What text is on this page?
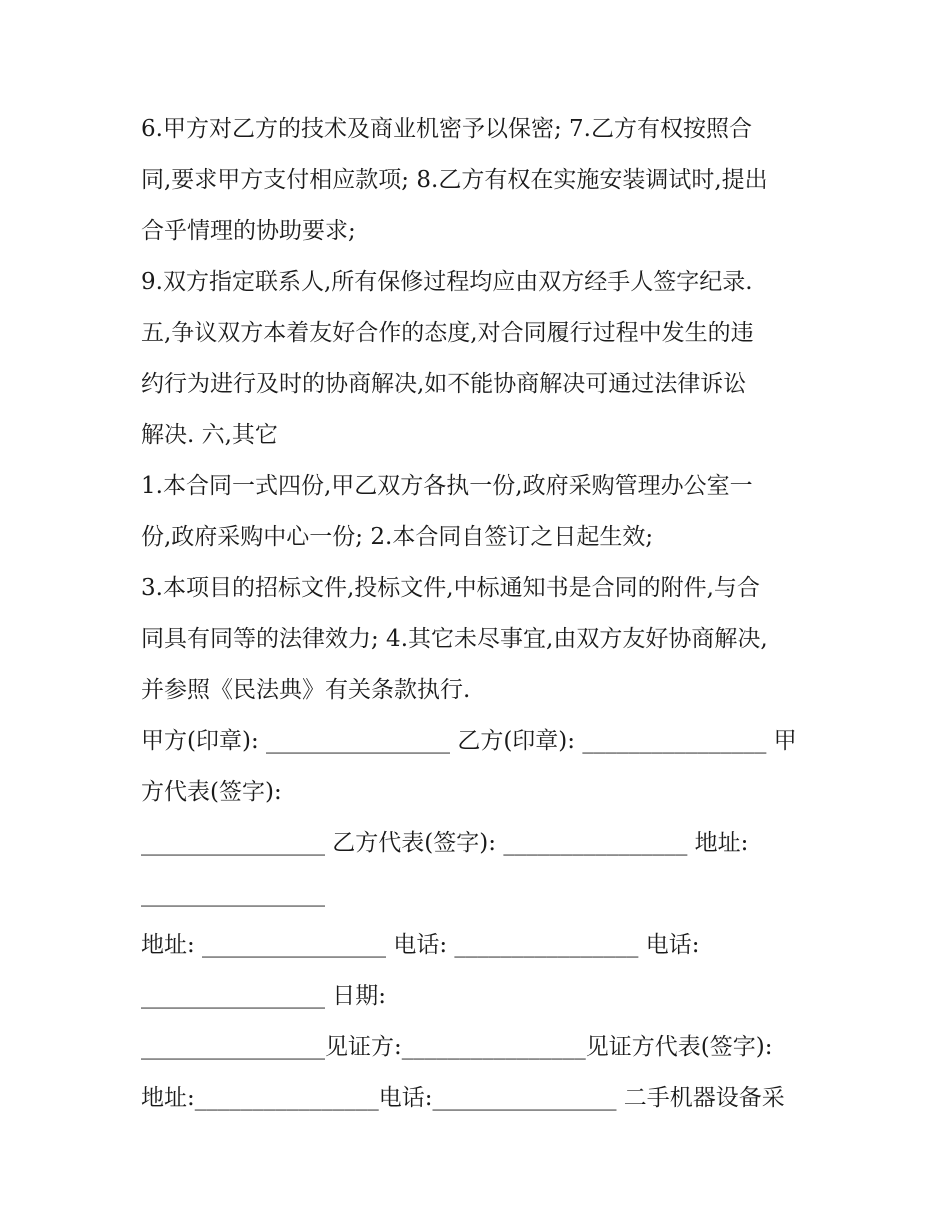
6.甲方对乙方的技术及商业机密予以保密; 7.乙方有权按照合
同,要求甲方支付相应款项; 8.乙方有权在实施安装调试时,提出
合乎情理的协助要求;
9.双方指定联系人,所有保修过程均应由双方经手人签字纪录.
五,争议双方本着友好合作的态度,对合同履行过程中发生的违
约行为进行及时的协商解决,如不能协商解决可通过法律诉讼
解决. 六,其它
1.本合同一式四份,甲乙双方各执一份,政府采购管理办公室一
份,政府采购中心一份; 2.本合同自签订之日起生效;
3.本项目的招标文件,投标文件,中标通知书是合同的附件,与合
同具有同等的法律效力; 4.其它未尽事宜,由双方友好协商解决,
并参照《民法典》有关条款执行.
甲方(印章): ________________ 乙方(印章): ________________ 甲
方代表(签字):
________________ 乙方代表(签字): ________________ 地址:
________________
地址: ________________ 电话: ________________ 电话:
________________ 日期:
________________见证方:________________见证方代表(签字):
地址:________________电话:________________ 二手机器设备采
